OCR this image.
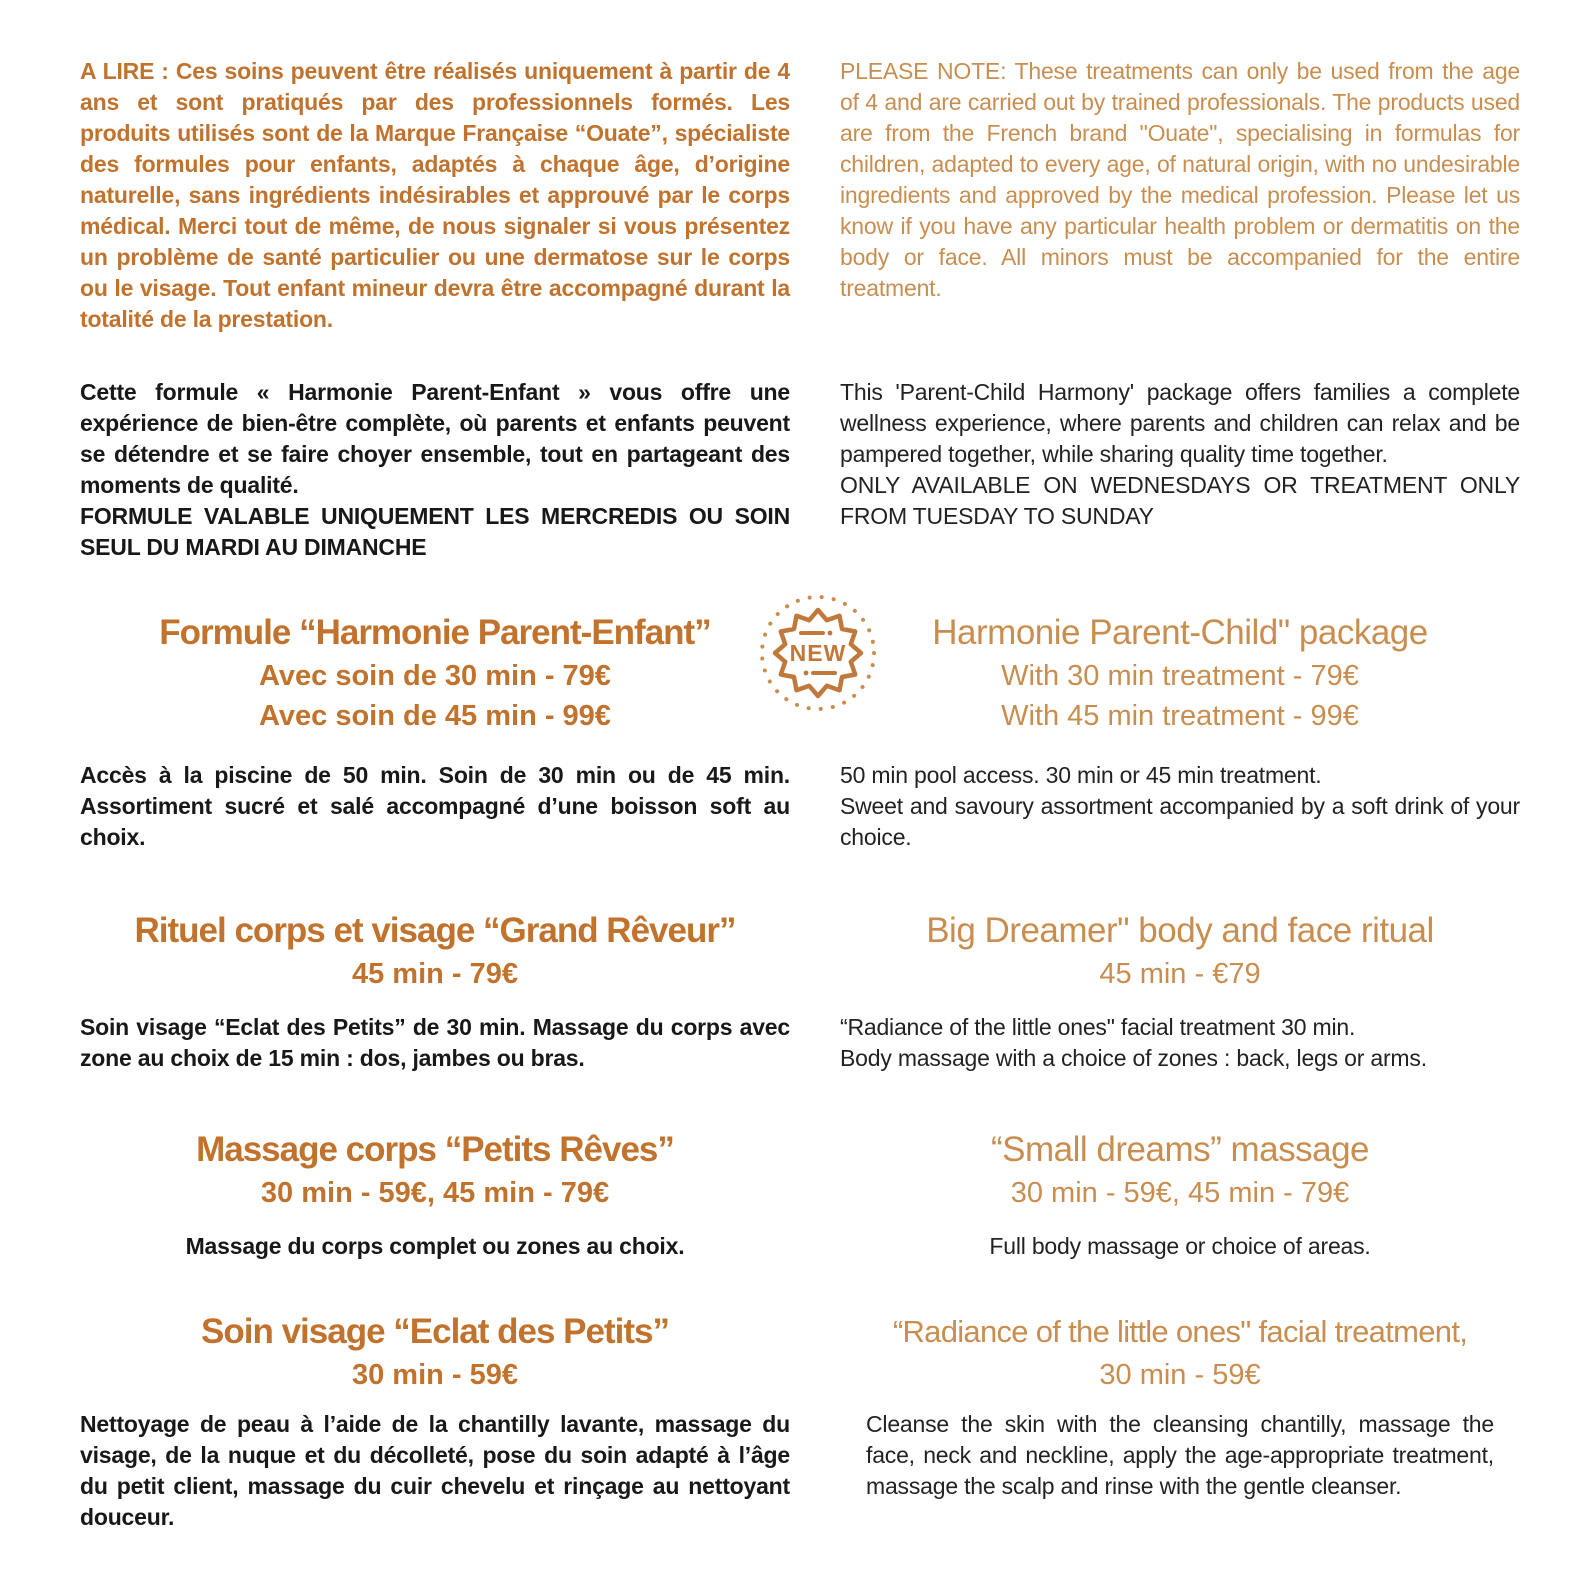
A LIRE : Ces soins peuvent être réalisés uniquement à partir de 4 ans et sont pratiqués par des professionnels formés. Les produits utilisés sont de la Marque Française “Ouate”, spécialiste des formules pour enfants, adaptés à chaque âge, d’origine naturelle, sans ingrédients indésirables et approuvé par le corps médical. Merci tout de même, de nous signaler si vous présentez un problème de santé particulier ou une dermatose sur le corps ou le visage. Tout enfant mineur devra être accompagné durant la totalité de la prestation.

PLEASE NOTE: These treatments can only be used from the age of 4 and are carried out by trained professionals. The products used are from the French brand "Ouate", specialising in formulas for children, adapted to every age, of natural origin, with no undesirable ingredients and approved by the medical profession. Please let us know if you have any particular health problem or dermatitis on the body or face. All minors must be accompanied for the entire treatment.

Cette formule « Harmonie Parent-Enfant » vous offre une expérience de bien-être complète, où parents et enfants peuvent se détendre et se faire choyer ensemble, tout en partageant des moments de qualité.

FORMULE VALABLE UNIQUEMENT LES MERCREDIS OU SOIN SEUL DU MARDI AU DIMANCHE

This 'Parent-Child Harmony' package offers families a complete wellness experience, where parents and children can relax and be pampered together, while sharing quality time together.

ONLY AVAILABLE ON WEDNESDAYS OR TREATMENT ONLY FROM TUESDAY TO SUNDAY

Formule “Harmonie Parent-Enfant”
Avec soin de 30 min - 79€
Avec soin de 45 min - 99€
NEW
Harmonie Parent-Child" package
With 30 min treatment - 79€
With 45 min treatment - 99€

Accès à la piscine de 50 min. Soin de 30 min ou de 45 min. Assortiment sucré et salé accompagné d’une boisson soft au choix.

50 min pool access. 30 min or 45 min treatment.
Sweet and savoury assortment accompanied by a soft drink of your choice.
Rituel corps et visage “Grand Rêveur”
45 min - 79€
Big Dreamer" body and face ritual
45 min - €79

Soin visage “Eclat des Petits” de 30 min. Massage du corps avec zone au choix de 15 min : dos, jambes ou bras.

“Radiance of the little ones" facial treatment 30 min.
Body massage with a choice of zones : back, legs or arms.
Massage corps “Petits Rêves”
30 min - 59€, 45 min - 79€
“Small dreams” massage
30 min - 59€, 45 min - 79€

Massage du corps complet ou zones au choix.	Full body massage or choice of areas.

Soin visage “Eclat des Petits”
30 min - 59€
“Radiance of the little ones" facial treatment,
30 min - 59€

Nettoyage de peau à l’aide de la chantilly lavante, massage du visage, de la nuque et du décolleté, pose du soin adapté à l’âge du petit client, massage du cuir chevelu et rinçage au nettoyant douceur.

Cleanse the skin with the cleansing chantilly, massage the face, neck and neckline, apply the age-appropriate treatment, massage the scalp and rinse with the gentle cleanser.
